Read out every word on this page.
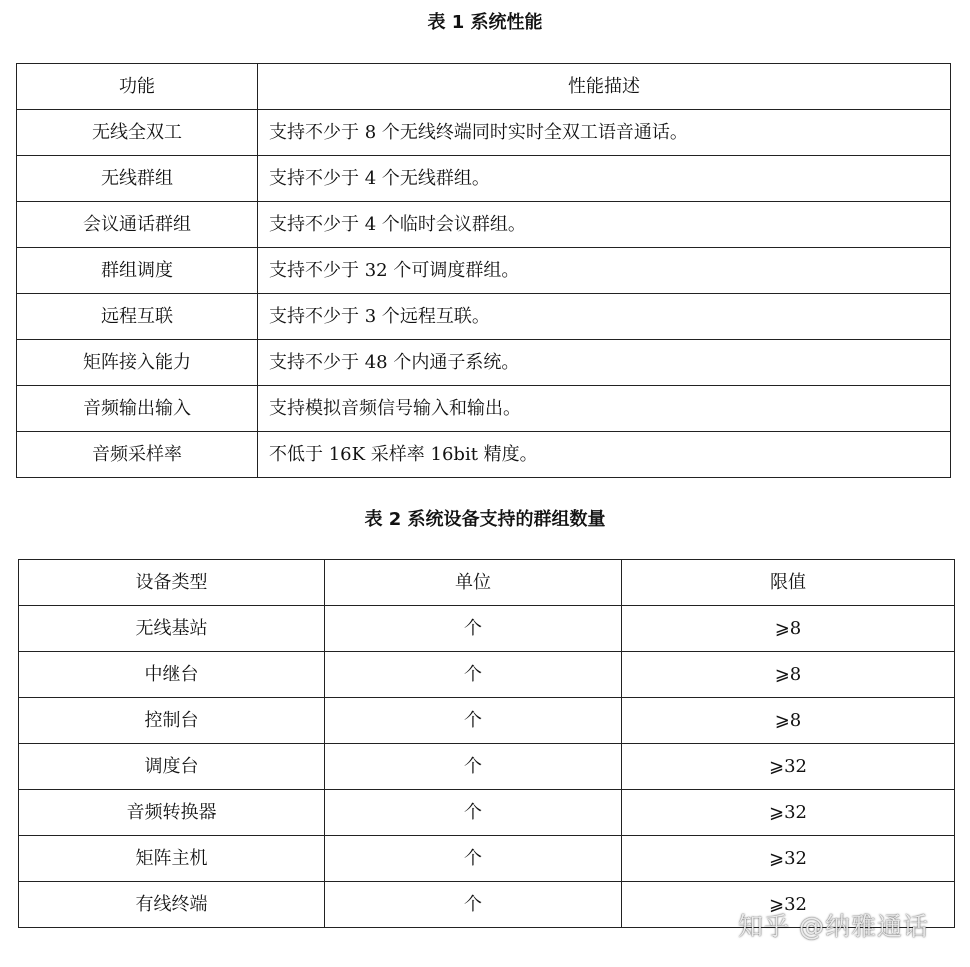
表 1 系统性能
功能	性能描述
无线全双工	支持不少于 8 个无线终端同时实时全双工语音通话。
无线群组	支持不少于 4 个无线群组。
会议通话群组	支持不少于 4 个临时会议群组。
群组调度	支持不少于 32 个可调度群组。
远程互联	支持不少于 3 个远程互联。
矩阵接入能力	支持不少于 48 个内通子系统。
音频输出输入	支持模拟音频信号输入和输出。
音频采样率	不低于 16K 采样率 16bit 精度。
表 2 系统设备支持的群组数量
设备类型	单位	限值
无线基站	个	⩾8
中继台	个	⩾8
控制台	个	⩾8
调度台	个	⩾32
音频转换器	个	⩾32
矩阵主机	个	⩾32
有线终端	个	⩾32
知乎 @纳雅通话
